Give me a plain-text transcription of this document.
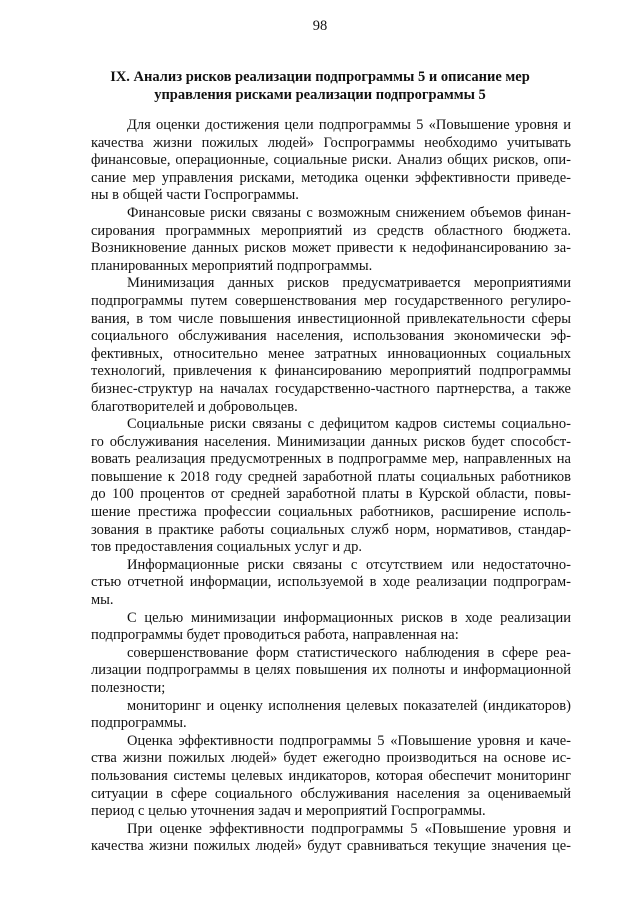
98
IX. Анализ рисков реализации подпрограммы 5 и описание мер
управления рисками реализации подпрограммы 5
Для оценки достижения цели подпрограммы 5 «Повышение уровня и
качества жизни пожилых людей» Госпрограммы необходимо учитывать
финансовые, операционные, социальные риски. Анализ общих рисков, опи-
сание мер управления рисками, методика оценки эффективности приведе-
ны в общей части Госпрограммы.
Финансовые риски связаны с возможным снижением объемов финан-
сирования программных мероприятий из средств областного бюджета.
Возникновение данных рисков может привести к недофинансированию за-
планированных мероприятий подпрограммы.
Минимизация данных рисков предусматривается мероприятиями
подпрограммы путем совершенствования мер государственного регулиро-
вания, в том числе повышения инвестиционной привлекательности сферы
социального обслуживания населения, использования экономически эф-
фективных, относительно менее затратных инновационных социальных
технологий, привлечения к финансированию мероприятий подпрограммы
бизнес-структур на началах государственно-частного партнерства, а также
благотворителей и добровольцев.
Социальные риски связаны с дефицитом кадров системы социально-
го обслуживания населения. Минимизации данных рисков будет способст-
вовать реализация предусмотренных в подпрограмме мер, направленных на
повышение к 2018 году средней заработной платы социальных работников
до 100 процентов от средней заработной платы в Курской области, повы-
шение престижа профессии социальных работников, расширение исполь-
зования в практике работы социальных служб норм, нормативов, стандар-
тов предоставления социальных услуг и др.
Информационные риски связаны с отсутствием или недостаточно-
стью отчетной информации, используемой в ходе реализации подпрограм-
мы.
С целью минимизации информационных рисков в ходе реализации
подпрограммы будет проводиться работа, направленная на:
совершенствование форм статистического наблюдения в сфере реа-
лизации подпрограммы в целях повышения их полноты и информационной
полезности;
мониторинг и оценку исполнения целевых показателей (индикаторов)
подпрограммы.
Оценка эффективности подпрограммы 5 «Повышение уровня и каче-
ства жизни пожилых людей» будет ежегодно производиться на основе ис-
пользования системы целевых индикаторов, которая обеспечит мониторинг
ситуации в сфере социального обслуживания населения за оцениваемый
период с целью уточнения задач и мероприятий Госпрограммы.
При оценке эффективности подпрограммы 5 «Повышение уровня и
качества жизни пожилых людей» будут сравниваться текущие значения це-
